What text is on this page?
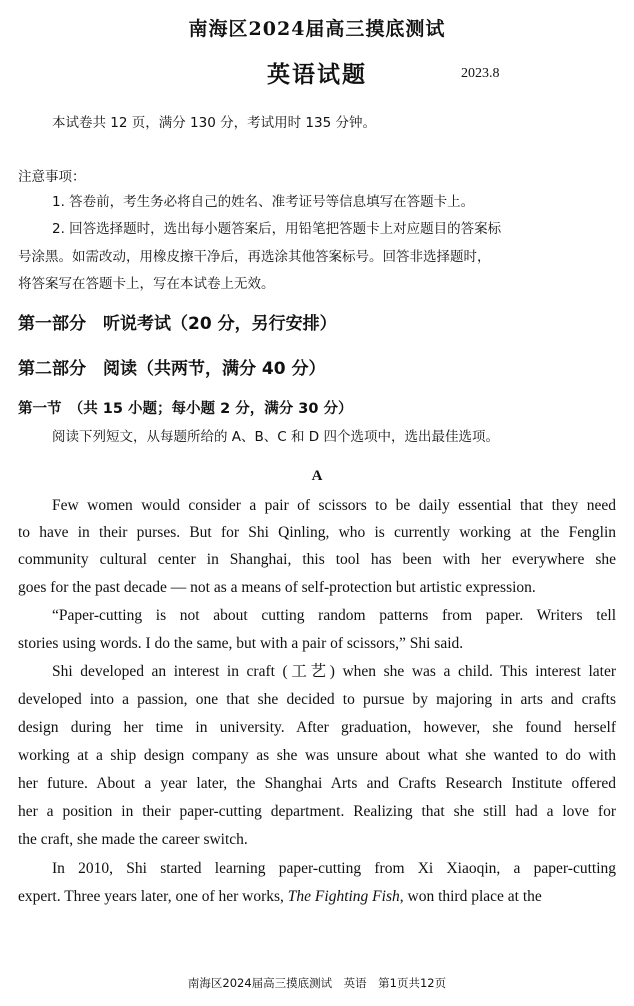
南海区2024届高三摸底测试
英语试题	2023.8
本试卷共 12 页，满分 130 分，考试用时 135 分钟。
注意事项：
1. 答卷前，考生务必将自己的姓名、准考证号等信息填写在答题卡上。
2. 回答选择题时，选出每小题答案后，用铅笔把答题卡上对应题目的答案标
号涂黑。如需改动，用橡皮擦干净后，再选涂其他答案标号。回答非选择题时，
将答案写在答题卡上，写在本试卷上无效。
第一部分　听说考试（20 分，另行安排）
第二部分　阅读（共两节，满分 40 分）
第一节　（共 15 小题；每小题 2 分，满分 30 分）
阅读下列短文，从每题所给的 A、B、C 和 D 四个选项中，选出最佳选项。
A
Few women would consider a pair of scissors to be daily essential that they need
to have in their purses. But for Shi Qinling, who is currently working at the Fenglin
community cultural center in Shanghai, this tool has been with her everywhere she
goes for the past decade — not as a means of self-protection but artistic expression.
“Paper-cutting is not about cutting random patterns from paper. Writers tell
stories using words. I do the same, but with a pair of scissors,” Shi said.
Shi developed an interest in craft (工艺) when she was a child. This interest later
developed into a passion, one that she decided to pursue by majoring in arts and crafts
design during her time in university. After graduation, however, she found herself
working at a ship design company as she was unsure about what she wanted to do with
her future. About a year later, the Shanghai Arts and Crafts Research Institute offered
her a position in their paper-cutting department. Realizing that she still had a love for
the craft, she made the career switch.
In 2010, Shi started learning paper-cutting from Xi Xiaoqin, a paper-cutting
expert. Three years later, one of her works, The Fighting Fish, won third place at the
南海区2024届高三摸底测试　英语　第1页共12页
